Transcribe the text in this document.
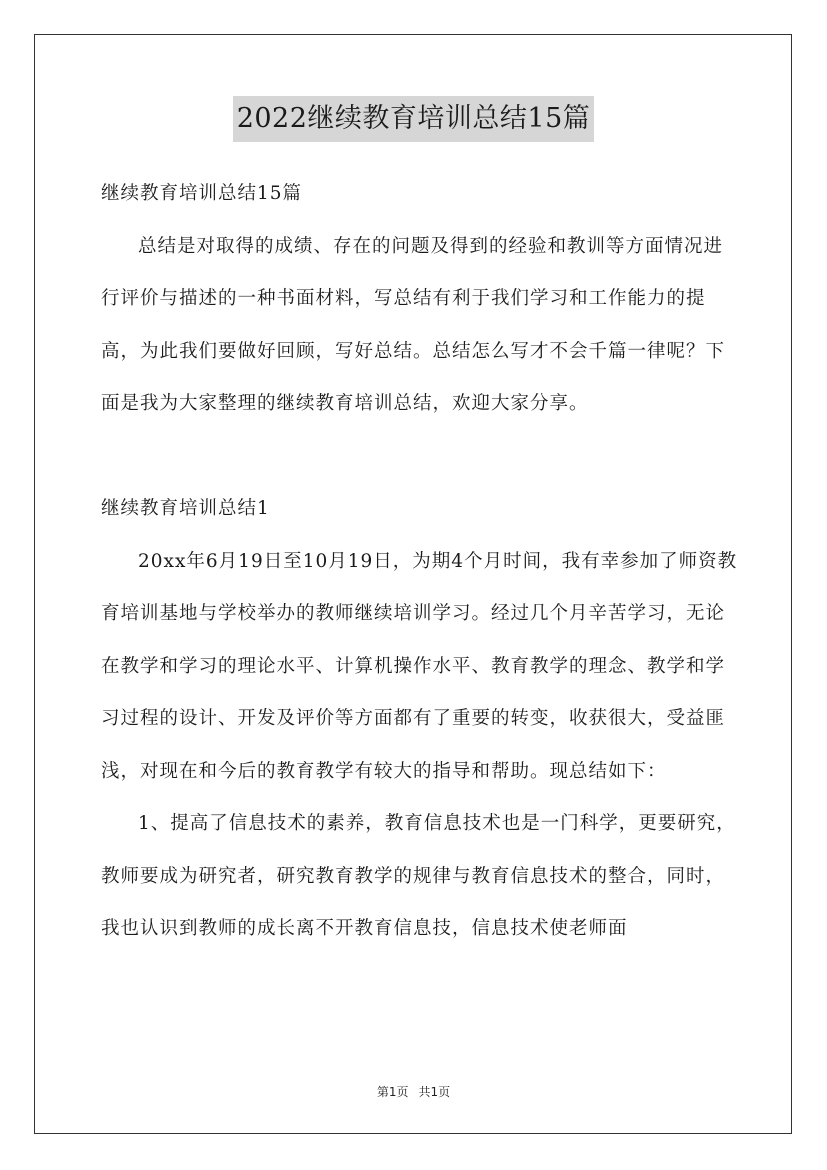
2022继续教育培训总结15篇

继续教育培训总结15篇

总结是对取得的成绩、存在的问题及得到的经验和教训等方面情况进行评价与描述的一种书面材料，写总结有利于我们学习和工作能力的提高，为此我们要做好回顾，写好总结。总结怎么写才不会千篇一律呢？下面是我为大家整理的继续教育培训总结，欢迎大家分享。

继续教育培训总结1

20xx年6月19日至10月19日，为期4个月时间，我有幸参加了师资教育培训基地与学校举办的教师继续培训学习。经过几个月辛苦学习，无论在教学和学习的理论水平、计算机操作水平、教育教学的理念、教学和学习过程的设计、开发及评价等方面都有了重要的转变，收获很大，受益匪浅，对现在和今后的教育教学有较大的指导和帮助。现总结如下：

1、提高了信息技术的素养，教育信息技术也是一门科学，更要研究，教师要成为研究者，研究教育教学的规律与教育信息技术的整合，同时，我也认识到教师的成长离不开教育信息技，信息技术使老师面

第1页 共1页
